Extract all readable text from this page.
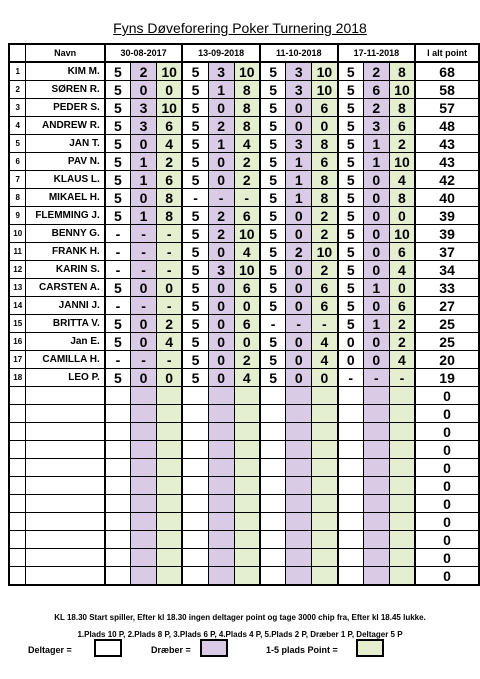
Fyns Døveforering Poker Turnering 2018
	Navn	30-08-2017			13-09-2018			11-10-2018			17-11-2018			I alt point
1	KIM M.	5	2	10	5	3	10	5	3	10	5	2	8	68
2	SØREN R.	5	0	0	5	1	8	5	3	10	5	6	10	58
3	PEDER S.	5	3	10	5	0	8	5	0	6	5	2	8	57
4	ANDREW R.	5	3	6	5	2	8	5	0	0	5	3	6	48
5	JAN T.	5	0	4	5	1	4	5	3	8	5	1	2	43
6	PAV N.	5	1	2	5	0	2	5	1	6	5	1	10	43
7	KLAUS L.	5	1	6	5	0	2	5	1	8	5	0	4	42
8	MIKAEL H.	5	0	8	-	-	-	5	1	8	5	0	8	40
9	FLEMMING J.	5	1	8	5	2	6	5	0	2	5	0	0	39
10	BENNY G.	-	-	-	5	2	10	5	0	2	5	0	10	39
11	FRANK H.	-	-	-	5	0	4	5	2	10	5	0	6	37
12	KARIN S.	-	-	-	5	3	10	5	0	2	5	0	4	34
13	CARSTEN A.	5	0	0	5	0	6	5	0	6	5	1	0	33
14	JANNI J.	-	-	-	5	0	0	5	0	6	5	0	6	27
15	BRITTA V.	5	0	2	5	0	6	-	-	-	5	1	2	25
16	Jan E.	5	0	4	5	0	0	5	0	4	0	0	2	25
17	CAMILLA H.	-	-	-	5	0	2	5	0	4	0	0	4	20
18	LEO P.	5	0	0	5	0	4	5	0	0	-	-	-	19
														0
														0
														0
														0
														0
														0
														0
														0
														0
														0
														0
KL 18.30 Start spiller, Efter kl 18.30 ingen deltager point og tage 3000 chip fra, Efter kl 18.45 lukke.
1.Plads 10 P, 2.Plads 8 P, 3.Plads 6 P, 4.Plads 4 P, 5.Plads 2 P, Dræber 1 P, Deltager 5 P
Deltager =	Dræber =	1-5 plads Point =
